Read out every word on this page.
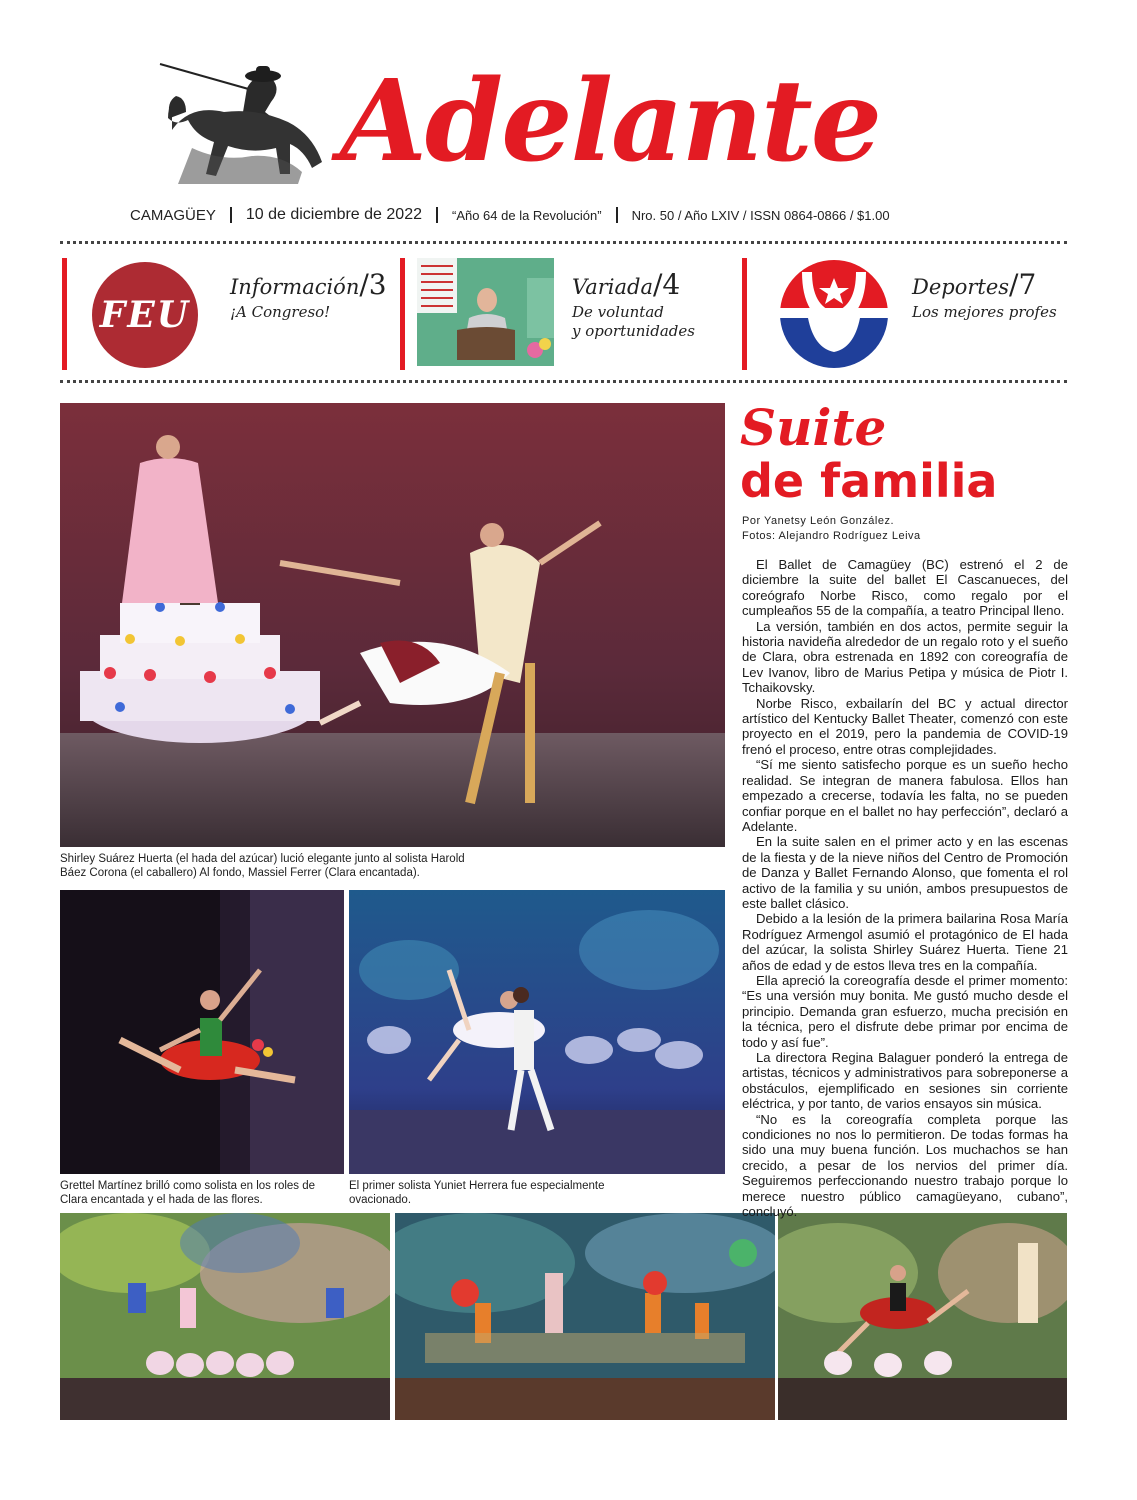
Adelante
CAMAGÜEY 10 de diciembre de 2022 “Año 64 de la Revolución” Nro. 50 / Año LXIV / ISSN 0864-0866 / $1.00
FEU
Información/3
¡A Congreso!
Variada/4
De voluntad
y oportunidades
Deportes/7
Los mejores profes
Shirley Suárez Huerta (el hada del azúcar) lució elegante junto al solista Harold Báez Corona (el caballero) Al fondo, Massiel Ferrer (Clara encantada).
Grettel Martínez brilló como solista en los roles de Clara encantada y el hada de las flores.
El primer solista Yuniet Herrera fue especialmente ovacionado.
Suite
de familia
Por Yanetsy León González.
Fotos: Alejandro Rodríguez Leiva

El Ballet de Camagüey (BC) estrenó el 2 de diciembre la suite del ballet El Cascanueces, del coreógrafo Norbe Risco, como regalo por el cumpleaños 55 de la compañía, a teatro Principal lleno.

La versión, también en dos actos, permite seguir la historia navideña alrededor de un regalo roto y el sueño de Clara, obra estrenada en 1892 con coreografía de Lev Ivanov, libro de Marius Petipa y música de Piotr I. Tchaikovsky.

Norbe Risco, exbailarín del BC y actual director artístico del Kentucky Ballet Theater, comenzó con este proyecto en el 2019, pero la pandemia de COVID-19 frenó el proceso, entre otras complejidades.

“Sí me siento satisfecho porque es un sueño hecho realidad. Se integran de manera fabulosa. Ellos han empezado a crecerse, todavía les falta, no se pueden confiar porque en el ballet no hay perfección”, declaró a Adelante.

En la suite salen en el primer acto y en las escenas de la fiesta y de la nieve niños del Centro de Promoción de Danza y Ballet Fernando Alonso, que fomenta el rol activo de la familia y su unión, ambos presupuestos de este ballet clásico.

Debido a la lesión de la primera bailarina Rosa María Rodríguez Armengol asumió el protagónico de El hada del azúcar, la solista Shirley Suárez Huerta. Tiene 21 años de edad y de estos lleva tres en la compañía.

Ella apreció la coreografía desde el primer momento: “Es una versión muy bonita. Me gustó mucho desde el principio. Demanda gran esfuerzo, mucha precisión en la técnica, pero el disfrute debe primar por encima de todo y así fue”.

La directora Regina Balaguer ponderó la entrega de artistas, técnicos y administrativos para sobreponerse a obstáculos, ejemplificado en sesiones sin corriente eléctrica, y por tanto, de varios ensayos sin música.

“No es la coreografía completa porque las condiciones no nos lo permitieron. De todas formas ha sido una muy buena función. Los muchachos se han crecido, a pesar de los nervios del primer día. Seguiremos perfeccionando nuestro trabajo porque lo merece nuestro público camagüeyano, cubano”, concluyó.
